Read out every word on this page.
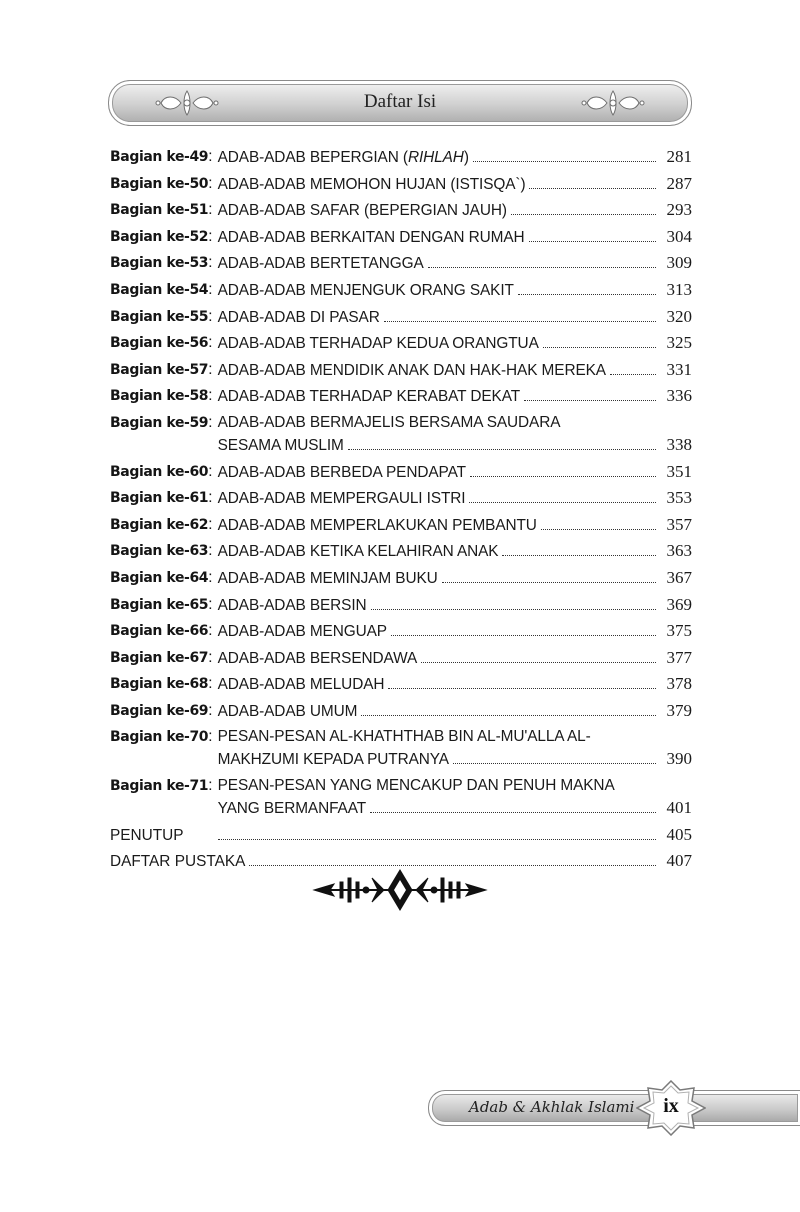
Daftar Isi
Bagian ke-49 : ADAB-ADAB BEPERGIAN (RIHLAH)	281
Bagian ke-50 : ADAB-ADAB MEMOHON HUJAN (ISTISQA`)	287
Bagian ke-51 : ADAB-ADAB SAFAR (BEPERGIAN JAUH)	293
Bagian ke-52 : ADAB-ADAB BERKAITAN DENGAN RUMAH	304
Bagian ke-53 : ADAB-ADAB BERTETANGGA	309
Bagian ke-54 : ADAB-ADAB MENJENGUK ORANG SAKIT	313
Bagian ke-55 : ADAB-ADAB DI PASAR	320
Bagian ke-56 : ADAB-ADAB TERHADAP KEDUA ORANGTUA	325
Bagian ke-57 : ADAB-ADAB MENDIDIK ANAK DAN HAK-HAK MEREKA	331
Bagian ke-58 : ADAB-ADAB TERHADAP KERABAT DEKAT	336
Bagian ke-59 : ADAB-ADAB BERMAJELIS BERSAMA SAUDARA
SESAMA MUSLIM	338
Bagian ke-60 : ADAB-ADAB BERBEDA PENDAPAT	351
Bagian ke-61 : ADAB-ADAB MEMPERGAULI ISTRI	353
Bagian ke-62 : ADAB-ADAB MEMPERLAKUKAN PEMBANTU	357
Bagian ke-63 : ADAB-ADAB KETIKA KELAHIRAN ANAK	363
Bagian ke-64 : ADAB-ADAB MEMINJAM BUKU	367
Bagian ke-65 : ADAB-ADAB BERSIN	369
Bagian ke-66 : ADAB-ADAB MENGUAP	375
Bagian ke-67 : ADAB-ADAB BERSENDAWA	377
Bagian ke-68 : ADAB-ADAB MELUDAH	378
Bagian ke-69 : ADAB-ADAB UMUM	379
Bagian ke-70 : PESAN-PESAN AL-KHATHTHAB BIN AL-MU'ALLA AL-
MAKHZUMI KEPADA PUTRANYA	390
Bagian ke-71 : PESAN-PESAN YANG MENCAKUP DAN PENUH MAKNA
YANG BERMANFAAT	401
PENUTUP	405
DAFTAR PUSTAKA	407
Adab & Akhlak Islami	ix
